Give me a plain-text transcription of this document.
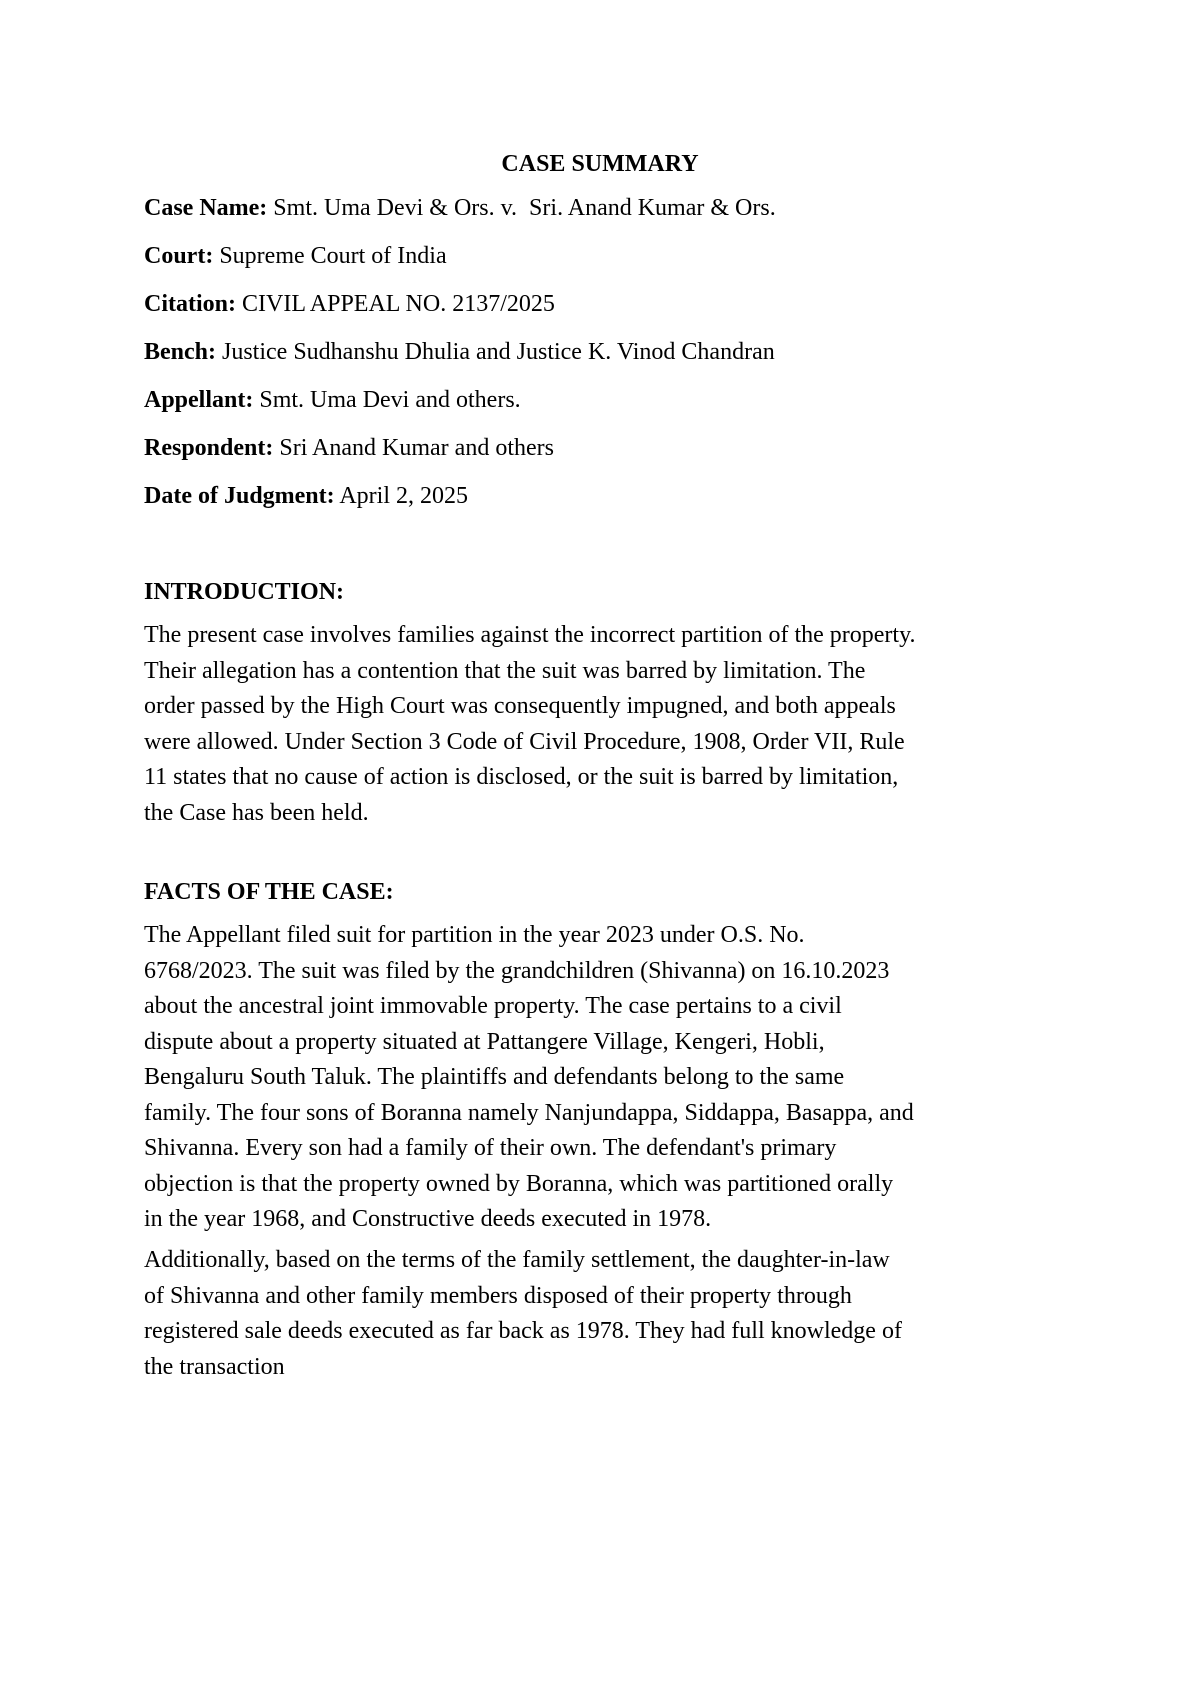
CASE SUMMARY

Case Name: Smt. Uma Devi & Ors. v.  Sri. Anand Kumar & Ors.

Court: Supreme Court of India

Citation: CIVIL APPEAL NO. 2137/2025

Bench: Justice Sudhanshu Dhulia and Justice K. Vinod Chandran

Appellant: Smt. Uma Devi and others.

Respondent: Sri Anand Kumar and others

Date of Judgment: April 2, 2025

INTRODUCTION:

The present case involves families against the incorrect partition of the property.
Their allegation has a contention that the suit was barred by limitation. The
order passed by the High Court was consequently impugned, and both appeals
were allowed. Under Section 3 Code of Civil Procedure, 1908, Order VII, Rule
11 states that no cause of action is disclosed, or the suit is barred by limitation,
the Case has been held.

FACTS OF THE CASE:

The Appellant filed suit for partition in the year 2023 under O.S. No.
6768/2023. The suit was filed by the grandchildren (Shivanna) on 16.10.2023
about the ancestral joint immovable property. The case pertains to a civil
dispute about a property situated at Pattangere Village, Kengeri, Hobli,
Bengaluru South Taluk. The plaintiffs and defendants belong to the same
family. The four sons of Boranna namely Nanjundappa, Siddappa, Basappa, and
Shivanna. Every son had a family of their own. The defendant's primary
objection is that the property owned by Boranna, which was partitioned orally
in the year 1968, and Constructive deeds executed in 1978.
Additionally, based on the terms of the family settlement, the daughter-in-law
of Shivanna and other family members disposed of their property through
registered sale deeds executed as far back as 1978. They had full knowledge of
the transaction
